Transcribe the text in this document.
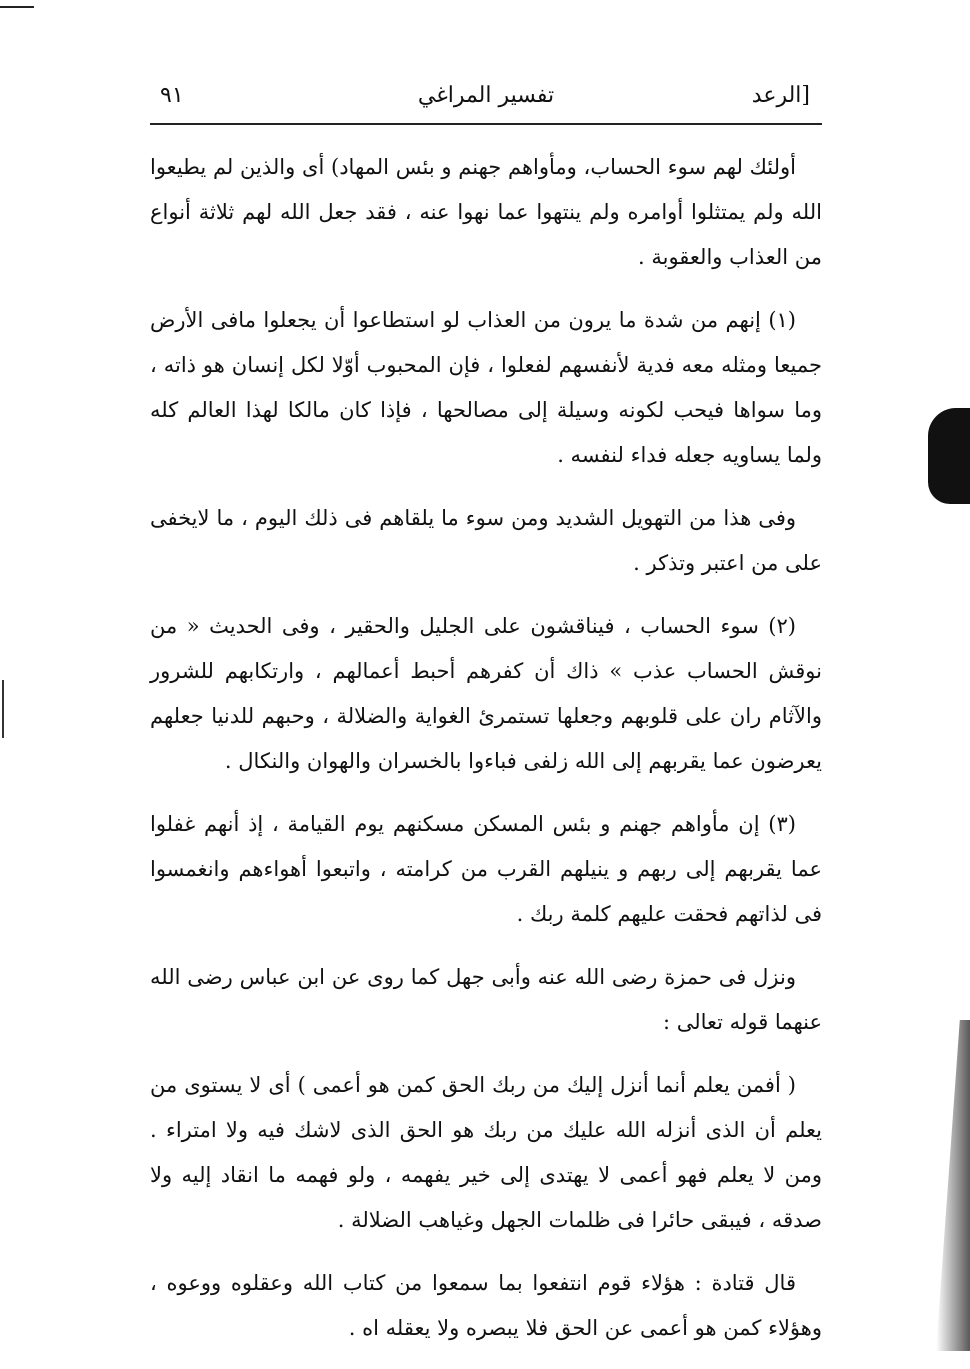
[الرعد
تفسير المراغي
٩١

أولئك لهم سوء الحساب، ومأواهم جهنم و بئس المهاد) أى والذين لم يطيعوا الله ولم يمتثلوا أوامره ولم ينتهوا عما نهوا عنه ، فقد جعل الله لهم ثلاثة أنواع من العذاب والعقوبة .

(١) إنهم من شدة ما يرون من العذاب لو استطاعوا أن يجعلوا مافى الأرض جميعا ومثله معه فدية لأنفسهم لفعلوا ، فإن المحبوب أوّلا لكل إنسان هو ذاته ، وما سواها فيحب لكونه وسيلة إلى مصالحها ، فإذا كان مالكا لهذا العالم كله ولما يساويه جعله فداء لنفسه .

وفى هذا من التهويل الشديد ومن سوء ما يلقاهم فى ذلك اليوم ، ما لايخفى على من اعتبر وتذكر .

(٢) سوء الحساب ، فيناقشون على الجليل والحقير ، وفى الحديث « من نوقش الحساب عذب » ذاك أن كفرهم أحبط أعمالهم ، وارتكابهم للشرور والآثام ران على قلوبهم وجعلها تستمرئ الغواية والضلالة ، وحبهم للدنيا جعلهم يعرضون عما يقربهم إلى الله زلفى فباءوا بالخسران والهوان والنكال .

(٣) إن مأواهم جهنم و بئس المسكن مسكنهم يوم القيامة ، إذ أنهم غفلوا عما يقربهم إلى ربهم و ينيلهم القرب من كرامته ، واتبعوا أهواءهم وانغمسوا فى لذاتهم فحقت عليهم كلمة ربك .

ونزل فى حمزة رضى الله عنه وأبى جهل كما روى عن ابن عباس رضى الله عنهما قوله تعالى :

( أفمن يعلم أنما أنزل إليك من ربك الحق كمن هو أعمى ) أى لا يستوى من يعلم أن الذى أنزله الله عليك من ربك هو الحق الذى لاشك فيه ولا امتراء . ومن لا يعلم فهو أعمى لا يهتدى إلى خير يفهمه ، ولو فهمه ما انقاد إليه ولا صدقه ، فيبقى حائرا فى ظلمات الجهل وغياهب الضلالة .

قال قتادة : هؤلاء قوم انتفعوا بما سمعوا من كتاب الله وعقلوه ووعوه ، وهؤلاء كمن هو أعمى عن الحق فلا يبصره ولا يعقله اه .
